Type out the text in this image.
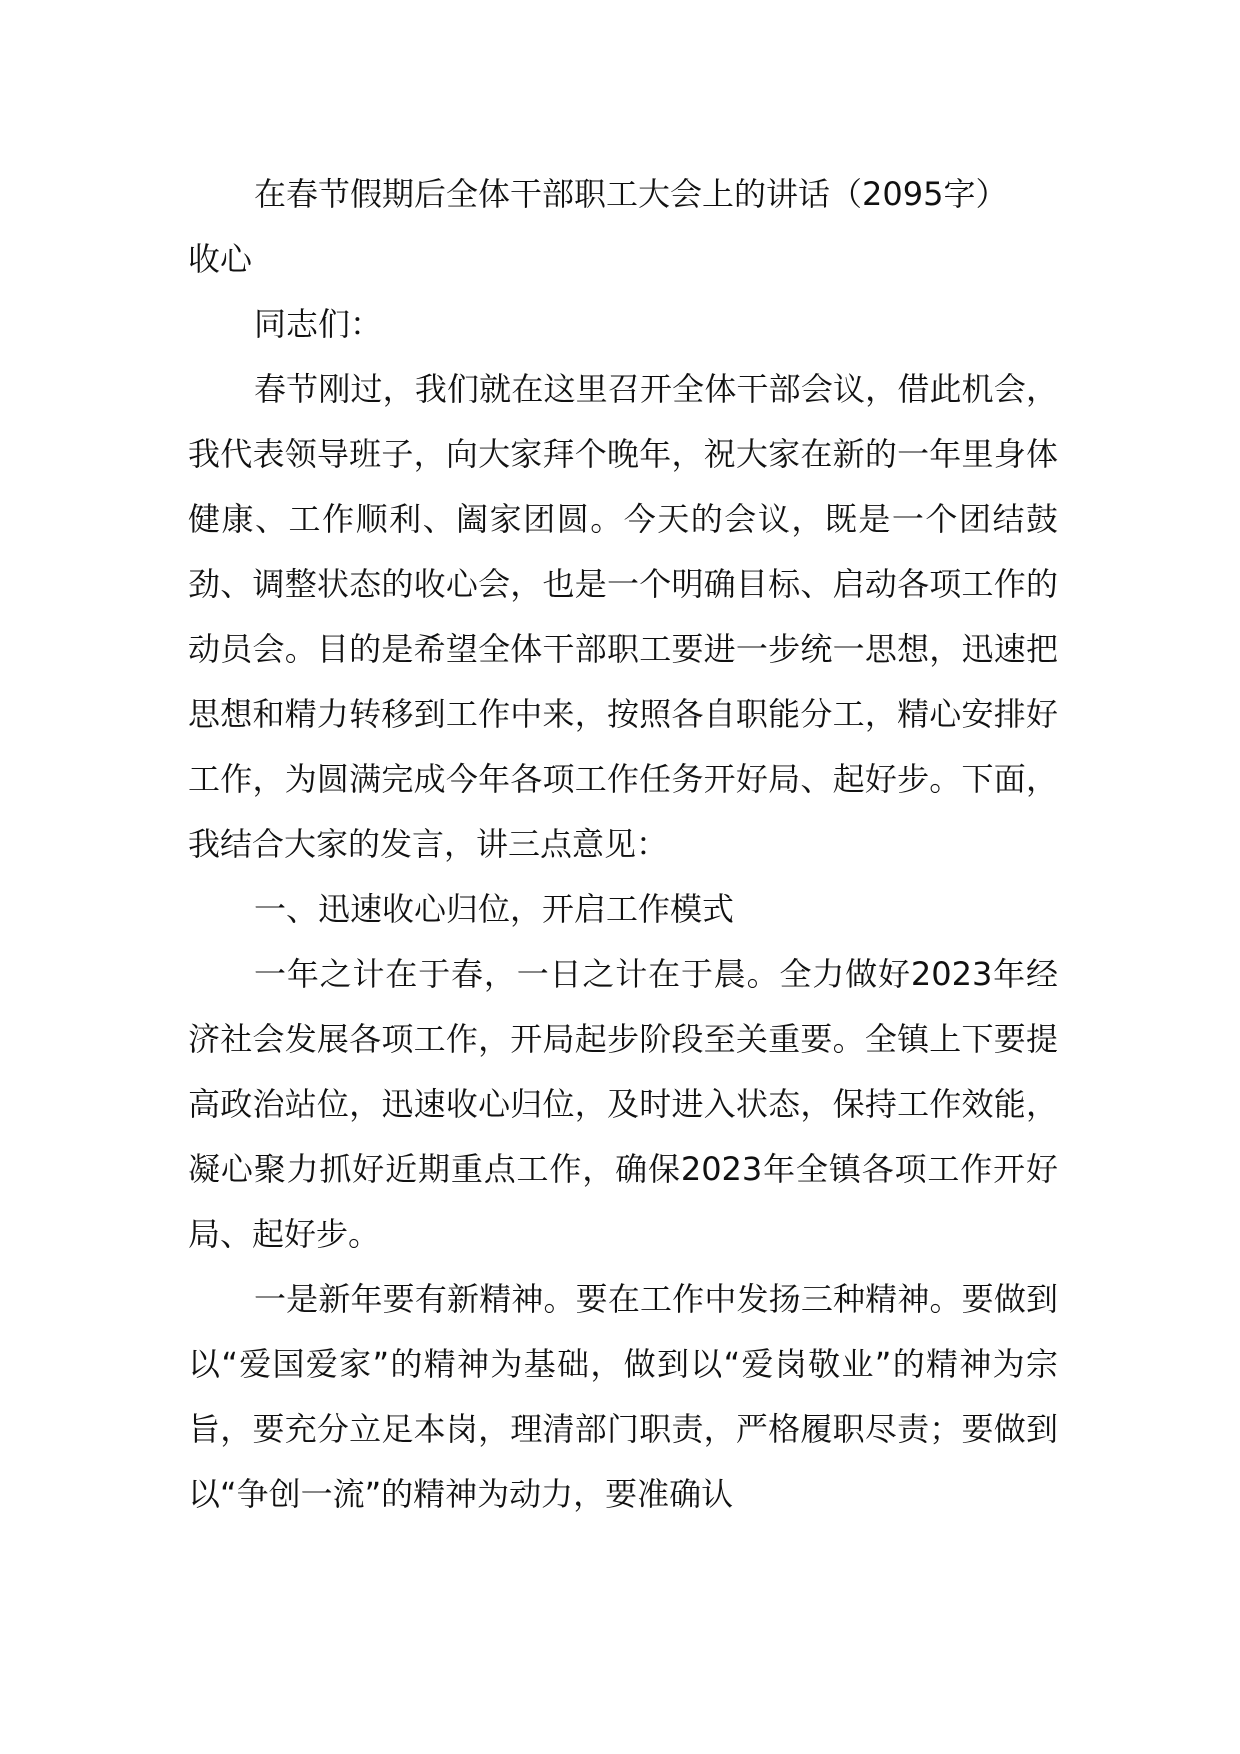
在春节假期后全体干部职工大会上的讲话（2095字）

收心

同志们：

春节刚过，我们就在这里召开全体干部会议，借此机会，我代表领导班子，向大家拜个晚年，祝大家在新的一年里身体健康、工作顺利、阖家团圆。今天的会议，既是一个团结鼓劲、调整状态的收心会，也是一个明确目标、启动各项工作的动员会。目的是希望全体干部职工要进一步统一思想，迅速把思想和精力转移到工作中来，按照各自职能分工，精心安排好工作，为圆满完成今年各项工作任务开好局、起好步。下面，我结合大家的发言，讲三点意见：

一、迅速收心归位，开启工作模式

一年之计在于春，一日之计在于晨。全力做好2023年经济社会发展各项工作，开局起步阶段至关重要。全镇上下要提高政治站位，迅速收心归位，及时进入状态，保持工作效能，凝心聚力抓好近期重点工作，确保2023年全镇各项工作开好局、起好步。

一是新年要有新精神。要在工作中发扬三种精神。要做到以“爱国爱家”的精神为基础，做到以“爱岗敬业”的精神为宗旨，要充分立足本岗，理清部门职责，严格履职尽责；要做到以“争创一流”的精神为动力，要准确认
